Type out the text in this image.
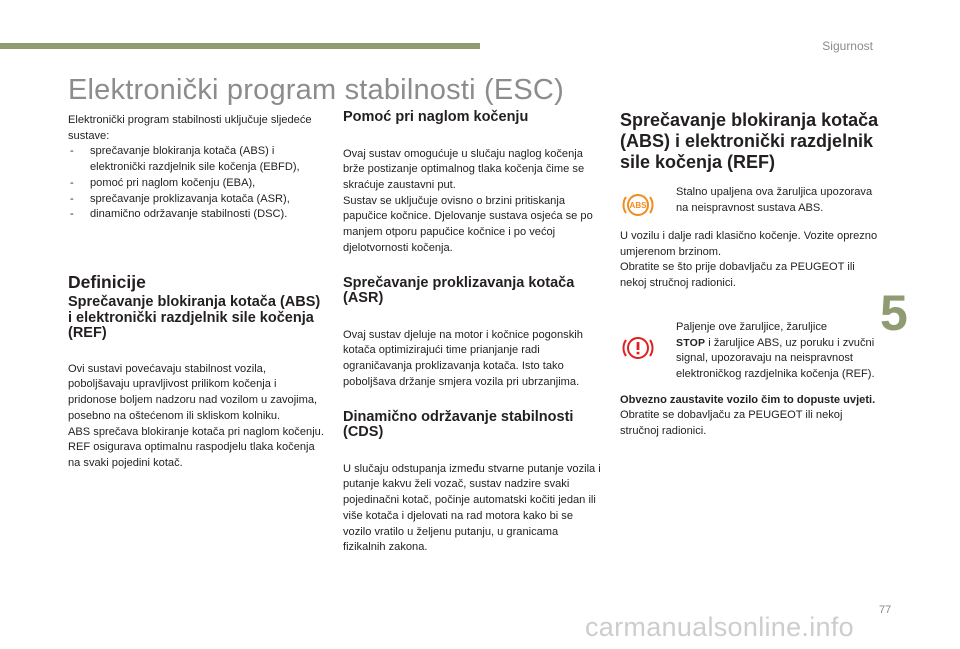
Sigurnost
Elektronički program stabilnosti (ESC)

Elektronički program stabilnosti uključuje sljedeće sustave:

- sprečavanje blokiranja kotača (ABS) i elektronički razdjelnik sile kočenja (EBFD),
- pomoć pri naglom kočenju (EBA),
- sprečavanje proklizavanja kotača (ASR),
- dinamično održavanje stabilnosti (DSC).
Definicije
Sprečavanje blokiranja kotača (ABS) i elektronički razdjelnik sile kočenja (REF)

Ovi sustavi povećavaju stabilnost vozila, poboljšavaju upravljivost prilikom kočenja i pridonose boljem nadzoru nad vozilom u zavojima, posebno na oštećenom ili skliskom kolniku.

ABS sprečava blokiranje kotača pri naglom kočenju.

REF osigurava optimalnu raspodjelu tlaka kočenja na svaki pojedini kotač.

Pomoć pri naglom kočenju

Ovaj sustav omogućuje u slučaju naglog kočenja brže postizanje optimalnog tlaka kočenja čime se skraćuje zaustavni put.

Sustav se uključuje ovisno o brzini pritiskanja papučice kočnice. Djelovanje sustava osjeća se po manjem otporu papučice kočnice i po većoj djelotvornosti kočenja.

Sprečavanje proklizavanja kotača (ASR)

Ovaj sustav djeluje na motor i kočnice pogonskih kotača optimizirajući time prianjanje radi ograničavanja proklizavanja kotača. Isto tako poboljšava držanje smjera vozila pri ubrzanjima.

Dinamično održavanje stabilnosti (CDS)

U slučaju odstupanja između stvarne putanje vozila i putanje kakvu želi vozač, sustav nadzire svaki pojedinačni kotač, počinje automatski kočiti jedan ili više kotača i djelovati na rad motora kako bi se vozilo vratilo u željenu putanju, u granicama fizikalnih zakona.

Sprečavanje blokiranja kotača (ABS) i elektronički razdjelnik sile kočenja (REF)
ABS

Stalno upaljena ova žaruljica upozorava na neispravnost sustava ABS.

U vozilu i dalje radi klasično kočenje. Vozite oprezno umjerenom brzinom.

Obratite se što prije dobavljaču za PEUGEOT ili nekoj stručnoj radionici.

Paljenje ove žaruljice, žaruljice
STOP i žaruljice ABS, uz poruku i zvučni signal, upozoravaju na neispravnost elektroničkog razdjelnika kočenja (REF).

Obvezno zaustavite vozilo čim to dopuste uvjeti.

Obratite se dobavljaču za PEUGEOT ili nekoj stručnoj radionici.

5
77
carmanualsonline.info
